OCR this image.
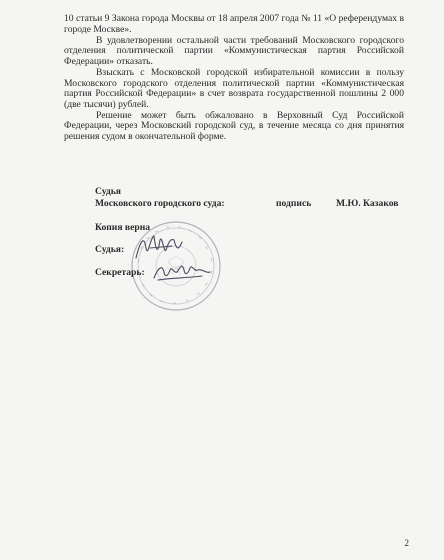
10 статьи 9 Закона города Москвы от 18 апреля 2007 года № 11 «О референдумах в городе Москве».

В удовлетворении остальной части требований Московского городского отделения политической партии «Коммунистическая партия Российской Федерации» отказать.

Взыскать с Московской городской избирательной комиссии в пользу Московского городского отделения политической партии «Коммунистическая партия Российской Федерации» в счет возврата государственной пошлины 2 000 (две тысячи) рублей.

Решение может быть обжаловано в Верховный Суд Российской Федерации, через Московский городской суд, в течение месяца со дня принятия решения судом в окончательной форме.

Судья
Московского городского суда:	подпись	М.Ю. Казаков
Копия верна
Судья:
Секретарь:
2
